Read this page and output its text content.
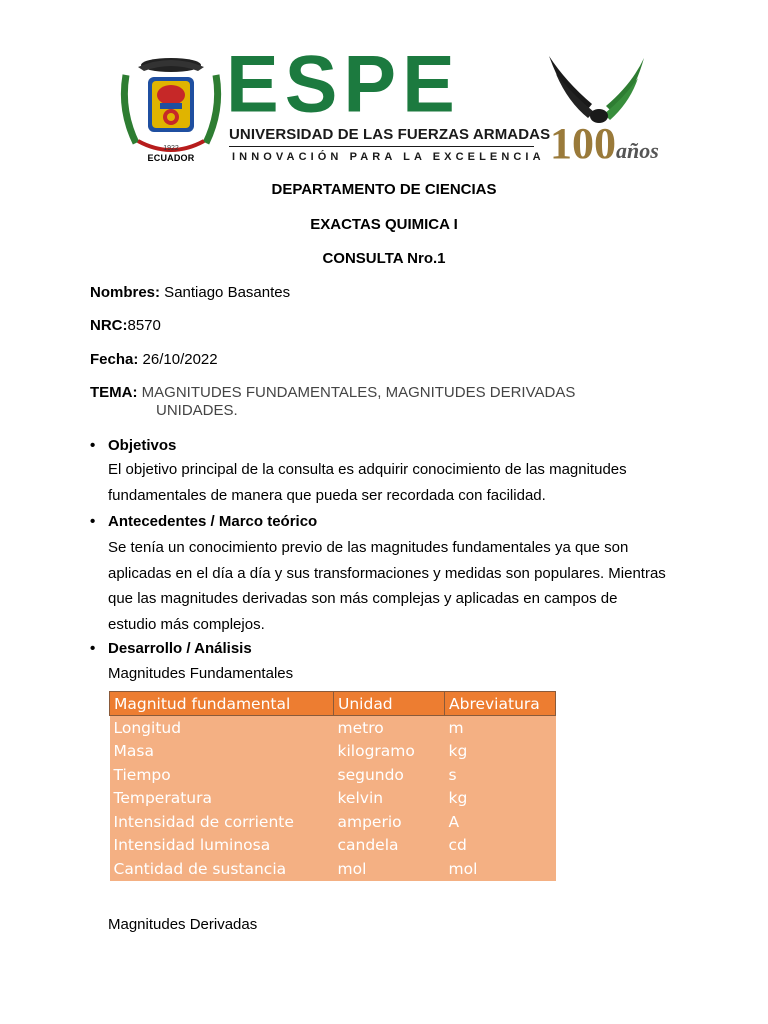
1922
ECUADOR
ESPE
UNIVERSIDAD DE LAS FUERZAS ARMADAS
INNOVACIÓN PARA LA EXCELENCIA 100años
DEPARTAMENTO DE CIENCIAS
EXACTAS QUIMICA I
CONSULTA Nro.1
Nombres: Santiago Basantes
NRC:8570
Fecha: 26/10/2022
TEMA: MAGNITUDES FUNDAMENTALES, MAGNITUDES DERIVADAS
UNIDADES.
• Objetivos
El objetivo principal de la consulta es adquirir conocimiento de las magnitudes fundamentales de manera que pueda ser recordada con facilidad.
• Antecedentes / Marco teórico
Se tenía un conocimiento previo de las magnitudes fundamentales ya que son aplicadas en el día a día y sus transformaciones y medidas son populares. Mientras que las magnitudes derivadas son más complejas y aplicadas en campos de estudio más complejos.
• Desarrollo / Análisis
Magnitudes Fundamentales
Magnitud fundamental	Unidad	Abreviatura
Longitud	metro	m
Masa	kilogramo	kg
Tiempo	segundo	s
Temperatura	kelvin	kg
Intensidad de corriente	amperio	A
Intensidad luminosa	candela	cd
Cantidad de sustancia	mol	mol
Magnitudes Derivadas
